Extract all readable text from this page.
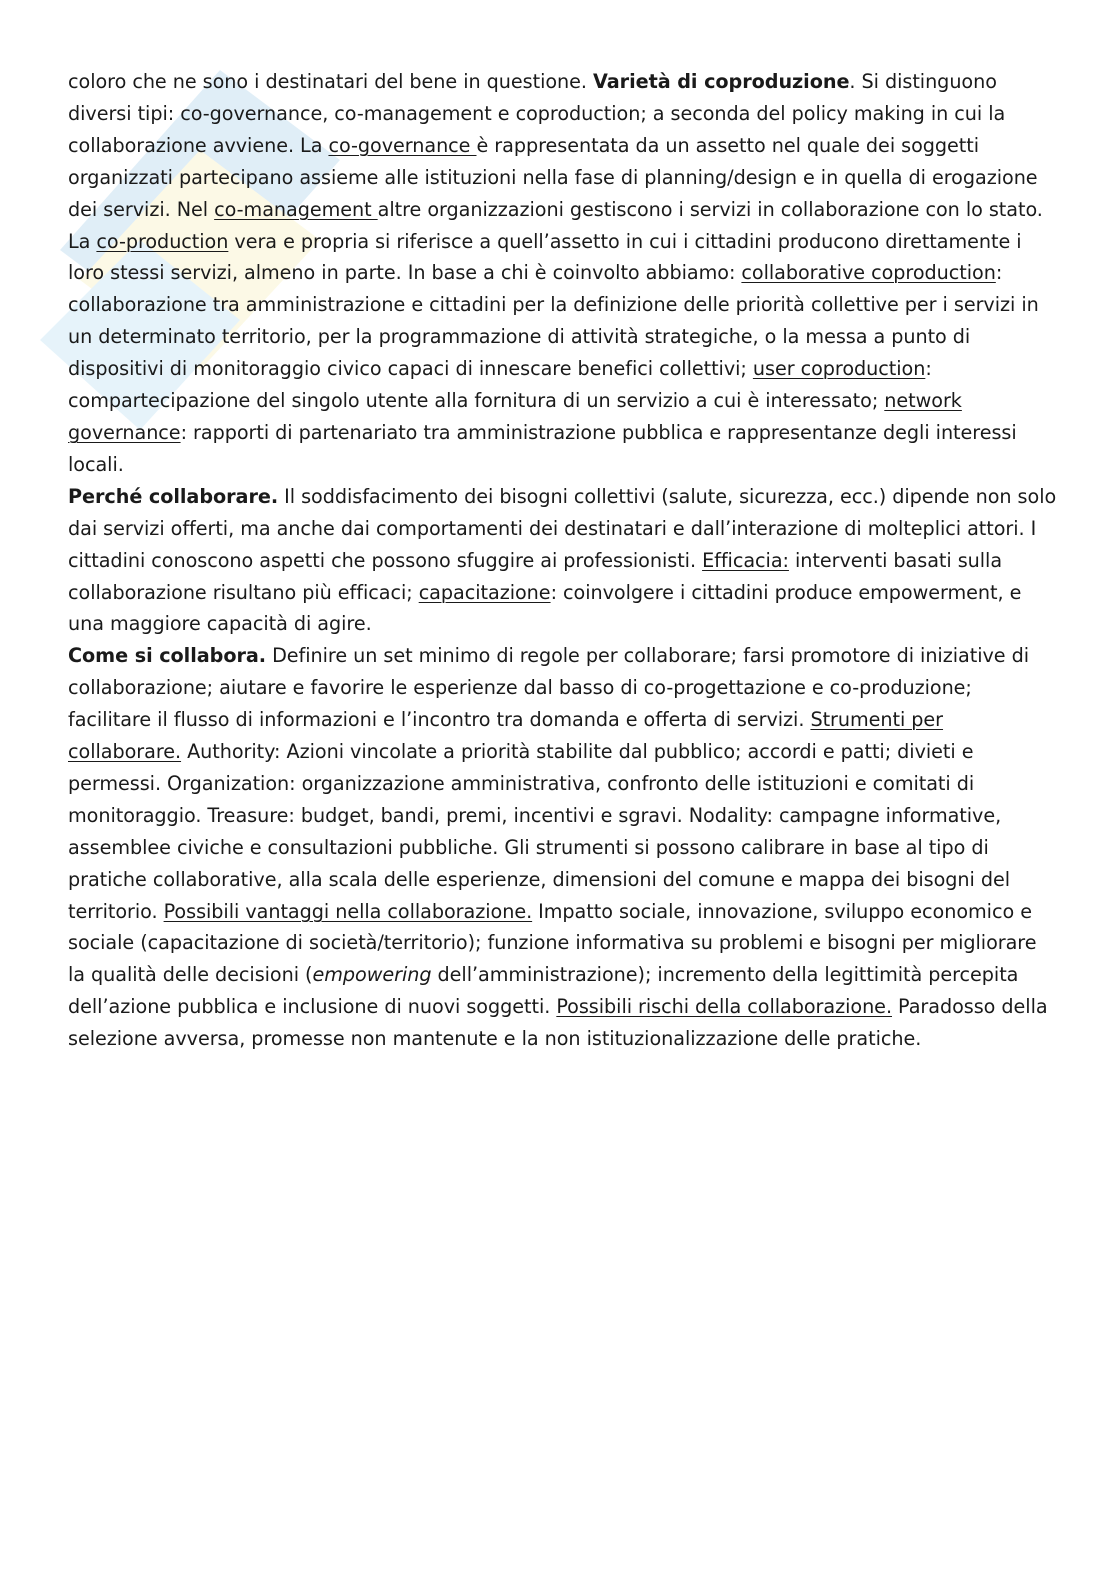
coloro che ne sono i destinatari del bene in questione. Varietà di coproduzione. Si distinguono diversi tipi: co-governance, co-management e coproduction; a seconda del policy making in cui la collaborazione avviene. La co-governance è rappresentata da un assetto nel quale dei soggetti organizzati partecipano assieme alle istituzioni nella fase di planning/design e in quella di erogazione dei servizi. Nel co-management altre organizzazioni gestiscono i servizi in collaborazione con lo stato. La co-production vera e propria si riferisce a quell’assetto in cui i cittadini producono direttamente i loro stessi servizi, almeno in parte. In base a chi è coinvolto abbiamo: collaborative coproduction: collaborazione tra amministrazione e cittadini per la definizione delle priorità collettive per i servizi in un determinato territorio, per la programmazione di attività strategiche, o la messa a punto di dispositivi di monitoraggio civico capaci di innescare benefici collettivi; user coproduction: compartecipazione del singolo utente alla fornitura di un servizio a cui è interessato; network governance: rapporti di partenariato tra amministrazione pubblica e rappresentanze degli interessi locali.

Perché collaborare. Il soddisfacimento dei bisogni collettivi (salute, sicurezza, ecc.) dipende non solo dai servizi offerti, ma anche dai comportamenti dei destinatari e dall’interazione di molteplici attori. I cittadini conoscono aspetti che possono sfuggire ai professionisti. Efficacia: interventi basati sulla collaborazione risultano più efficaci; capacitazione: coinvolgere i cittadini produce empowerment, e una maggiore capacità di agire.

Come si collabora. Definire un set minimo di regole per collaborare; farsi promotore di iniziative di collaborazione; aiutare e favorire le esperienze dal basso di co-progettazione e co-produzione; facilitare il flusso di informazioni e l’incontro tra domanda e offerta di servizi. Strumenti per collaborare. Authority: Azioni vincolate a priorità stabilite dal pubblico; accordi e patti; divieti e permessi. Organization: organizzazione amministrativa, confronto delle istituzioni e comitati di monitoraggio. Treasure: budget, bandi, premi, incentivi e sgravi. Nodality: campagne informative, assemblee civiche e consultazioni pubbliche. Gli strumenti si possono calibrare in base al tipo di pratiche collaborative, alla scala delle esperienze, dimensioni del comune e mappa dei bisogni del territorio. Possibili vantaggi nella collaborazione. Impatto sociale, innovazione, sviluppo economico e sociale (capacitazione di società/territorio); funzione informativa su problemi e bisogni per migliorare la qualità delle decisioni (empowering dell’amministrazione); incremento della legittimità percepita dell’azione pubblica e inclusione di nuovi soggetti. Possibili rischi della collaborazione. Paradosso della selezione avversa, promesse non mantenute e la non istituzionalizzazione delle pratiche.
